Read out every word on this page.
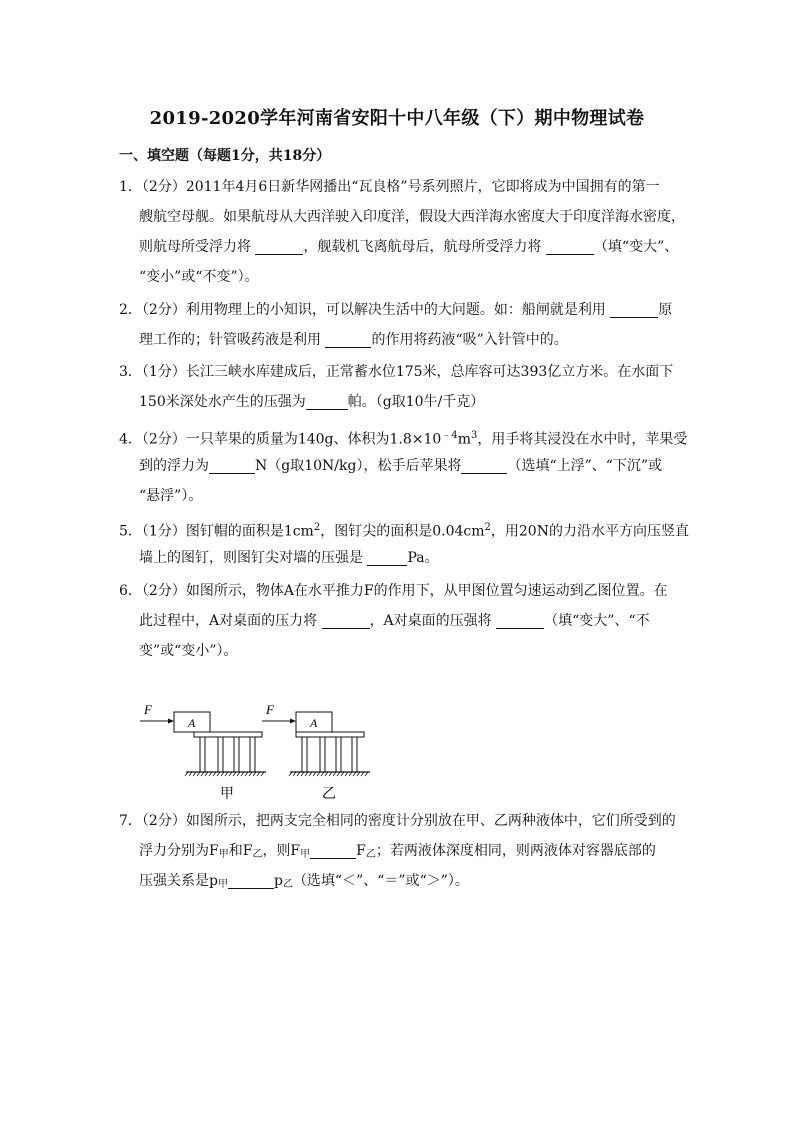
2019-2020学年河南省安阳十中八年级（下）期中物理试卷
一、填空题（每题1分，共18分）
1．（2分）2011年4月6日新华网播出“瓦良格”号系列照片，它即将成为中国拥有的第一
艘航空母舰。如果航母从大西洋驶入印度洋，假设大西洋海水密度大于印度洋海水密度，
则航母所受浮力将	，舰载机飞离航母后，航母所受浮力将	（填“变大”、
“变小”或“不变”）。
2．（2分）利用物理上的小知识，可以解决生活中的大问题。如：船闸就是利用	原
理工作的；针管吸药液是利用	的作用将药液“吸”入针管中的。
3．（1分）长江三峡水库建成后，正常蓄水位175米，总库容可达393亿立方米。在水面下
150米深处水产生的压强为	帕。（g取10牛/千克）
4．（2分）一只苹果的质量为140g、体积为$1.8\times 10^{﹣4}m^3$，用手将其浸没在水中时，苹果受
到的浮力为	N（g取10N/kg），松手后苹果将	（选填“上浮”、“下沉”或
“悬浮”）。
5．（1分）图钉帽的面积是$1cm^2$，图钉尖的面积是$0.04cm^2$，用20N的力沿水平方向压竖直
墙上的图钉，则图钉尖对墙的压强是	Pa。
6．（2分）如图所示，物体A在水平推力F的作用下，从甲图位置匀速运动到乙图位置。在
此过程中，A对桌面的压力将	，A对桌面的压强将	（填“变大”、“不
变”或“变小”）。
F
A
甲
F
A
乙
7．（2分）如图所示，把两支完全相同的密度计分别放在甲、乙两种液体中，它们所受到的
浮力分别为F甲和F乙，则F甲	F乙；若两液体深度相同，则两液体对容器底部的
压强关系是p甲	p乙（选填“＜”、“＝”或“＞”）。
